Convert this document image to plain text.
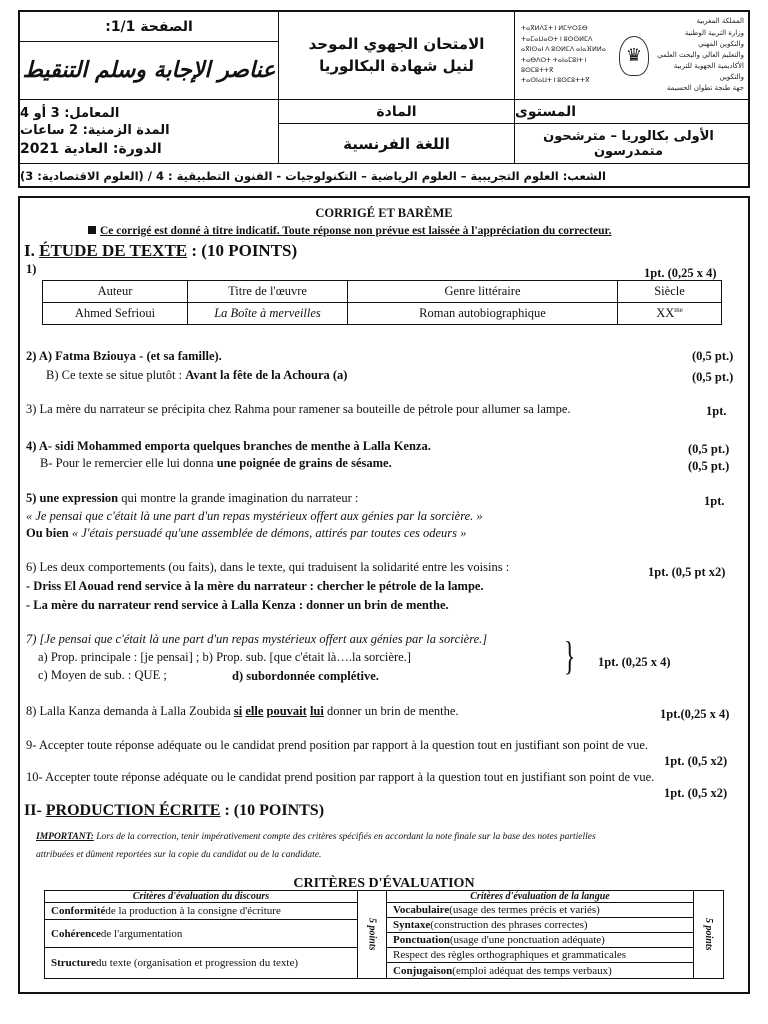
الصفحة 1/1:
عناصر الإجابة وسلم التنقيط
الامتحان الجهوي الموحد
لنيل شهادة البكالوريا
ⵜⴰⴳⵍⴷⵉⵜ ⵏ ⵍⵎⵖⵔⵉⴱ
ⵜⴰⵎⴰⵡⴰⵙⵜ ⵏ ⵓⵙⵙⵍⵎⴷ
ⴰⴳⵏⵙⴰⵏ ⴷ ⵓⵙⵍⵎⴷ ⴰⵏⴰⴼⵍⵍⴰ
ⵜⴰⴱⴷⵔⵜ ⵜⴰⵏⴰⵎⵓⵏⵜ ⵏ ⵓⵙⵎⵓⵜⵜⴳ
ⵜⴰⵙⵏⴰⵡⵜ ⵏ ⵓⵙⵎⵓⵜⵜⴳ
♛
المملكة المغربية
وزارة التربية الوطنية
والتكوين المهني
والتعليم العالي والبحث العلمي
الأكاديمية الجهوية للتربية والتكوين
جهة طنجة تطوان الحسيمة
المعامل: 3 أو 4
المدة الزمنية: 2 ساعات
الدورة: العادية 2021
المادة
اللغة الفرنسية
المستوى
الأولى بكالوريا – مترشحون متمدرسون
الشعب: العلوم التجريبية – العلوم الرياضية – التكنولوجيات - الفنون التطبيقية : 4 / (العلوم الاقتصادية: 3)
CORRIGÉ ET BARÈME
Ce corrigé est donné à titre indicatif. Toute réponse non prévue est laissée à l'appréciation du correcteur.
I. ÉTUDE DE TEXTE : (10 POINTS)
1)	1pt. (0,25 x 4)
Auteur	Titre de l'œuvre	Genre littéraire	Siècle
Ahmed Sefrioui	La Boîte à merveilles	Roman autobiographique	$XX^{me}$
2) A) Fatma Bziouya - (et sa famille).	(0,5 pt.)
B) Ce texte se situe plutôt : Avant la fête de la Achoura (a)	(0,5 pt.)
3) La mère du narrateur se précipita chez Rahma pour ramener sa bouteille de pétrole pour allumer sa lampe.	1pt.
4) A- sidi Mohammed emporta quelques branches de menthe à Lalla Kenza.	(0,5 pt.)
B- Pour le remercier elle lui donna une poignée de grains de sésame.	(0,5 pt.)
5) une expression qui montre la grande imagination du narrateur :	1pt.
« Je pensai que c'était là une part d'un repas mystérieux offert aux génies par la sorcière. »
Ou bien « J'étais persuadé qu'une assemblée de démons, attirés par toutes ces odeurs »
6) Les deux comportements (ou faits), dans le texte, qui traduisent la solidarité entre les voisins :	1pt. (0,5 pt x2)
- Driss El Aouad rend service à la mère du narrateur : chercher le pétrole de la lampe.
- La mère du narrateur rend service à Lalla Kenza : donner un brin de menthe.
7) [Je pensai que c'était là une part d'un repas mystérieux offert aux génies par la sorcière.]
a) Prop. principale : [je pensai] ; b) Prop. sub. [que c'était là….la sorcière.]
c) Moyen de sub. : QUE ;	d) subordonnée complétive.	} 1pt. (0,25 x 4)
8) Lalla Kanza demanda à Lalla Zoubida si elle pouvait lui donner un brin de menthe.	1pt.(0,25 x 4)
9- Accepter toute réponse adéquate ou le candidat prend position par rapport à la question tout en justifiant son point de vue.
1pt. (0,5 x2)
10- Accepter toute réponse adéquate ou le candidat prend position par rapport à la question tout en justifiant son point de vue.
1pt. (0,5 x2)
II- PRODUCTION ÉCRITE : (10 POINTS)
IMPORTANT: Lors de la correction, tenir impérativement compte des critères spécifiés en accordant la note finale sur la base des notes partielles
attribuées et dûment reportées sur la copie du candidat ou de la candidate.
CRITÈRES D'ÉVALUATION
Critères d'évaluation du discours
Conformité de la production à la consigne d'écriture
Cohérence de l'argumentation
Structure du texte (organisation et progression du texte)
5 points
Critères d'évaluation de la langue
Vocabulaire (usage des termes précis et variés)
Syntaxe (construction des phrases correctes)
Ponctuation (usage d'une ponctuation adéquate)
Respect des règles orthographiques et grammaticales
Conjugaison (emploi adéquat des temps verbaux)
5 points
